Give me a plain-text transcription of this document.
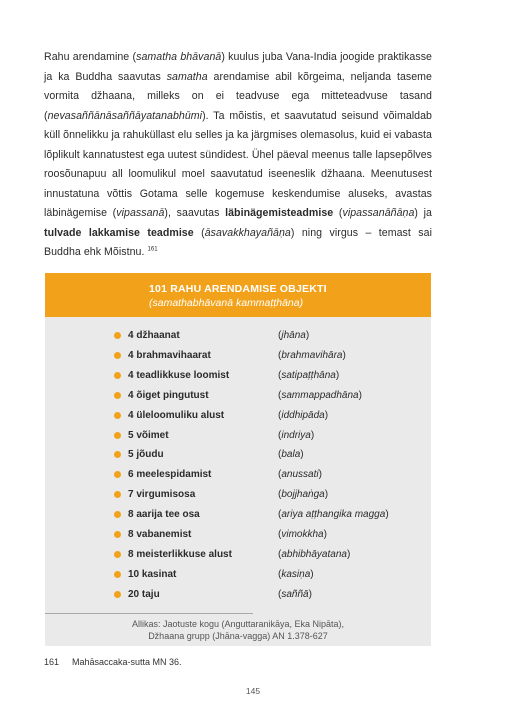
Rahu arendamine (samatha bhāvanā) kuulus juba Vana-India joogide praktikasse ja ka Buddha saavutas samatha arendamise abil kõrgeima, neljanda taseme vormita džhaana, milleks on ei teadvuse ega mitteteadvuse tasand (nevasaññānāsaññāyatanabhūmi). Ta mõistis, et saavutatud seisund võimaldab küll õnnelikku ja rahuküllast elu selles ja ka järgmises olemasolus, kuid ei vabasta lõplikult kannatustest ega uutest sündidest. Ühel päeval meenus talle lapsepõlves roosõunapuu all loomulikul moel saavutatud iseeneslik džhaana. Meenutusest innustatuna võttis Gotama selle kogemuse keskendumise aluseks, avastas läbinägemise (vipassanā), saavutas läbinägemisteadmise (vipassanāñāṇa) ja tulvade lakkamise teadmise (āsavakkhayañāṇa) ning virgus – temast sai Buddha ehk Mõistnu. $^{161}$
101 RAHU ARENDAMISE OBJEKTI
(samathabhāvanā kammaṭṭhāna)
4 džhaanat	(jhāna)
4 brahmavihaarat	(brahmavihāra)
4 teadlikkuse loomist	(satipaṭṭhāna)
4 õiget pingutust	(sammappadhāna)
4 üleloomuliku alust	(iddhipāda)
5 võimet	(indriya)
5 jõudu	(bala)
6 meelespidamist	(anussati)
7 virgumisosa	(bojjhaṅga)
8 aarija tee osa	(ariya aṭṭhangika magga)
8 vabanemist	(vimokkha)
8 meisterlikkuse alust	(abhibhāyatana)
10 kasinat	(kasiṇa)
20 taju	(saññā)
Allikas: Jaotuste kogu (Anguttaranikāya, Eka Nipāta),
Džhaana grupp (Jhāna-vagga) AN 1.378-627
161 Mahāsaccaka-sutta MN 36.
145
